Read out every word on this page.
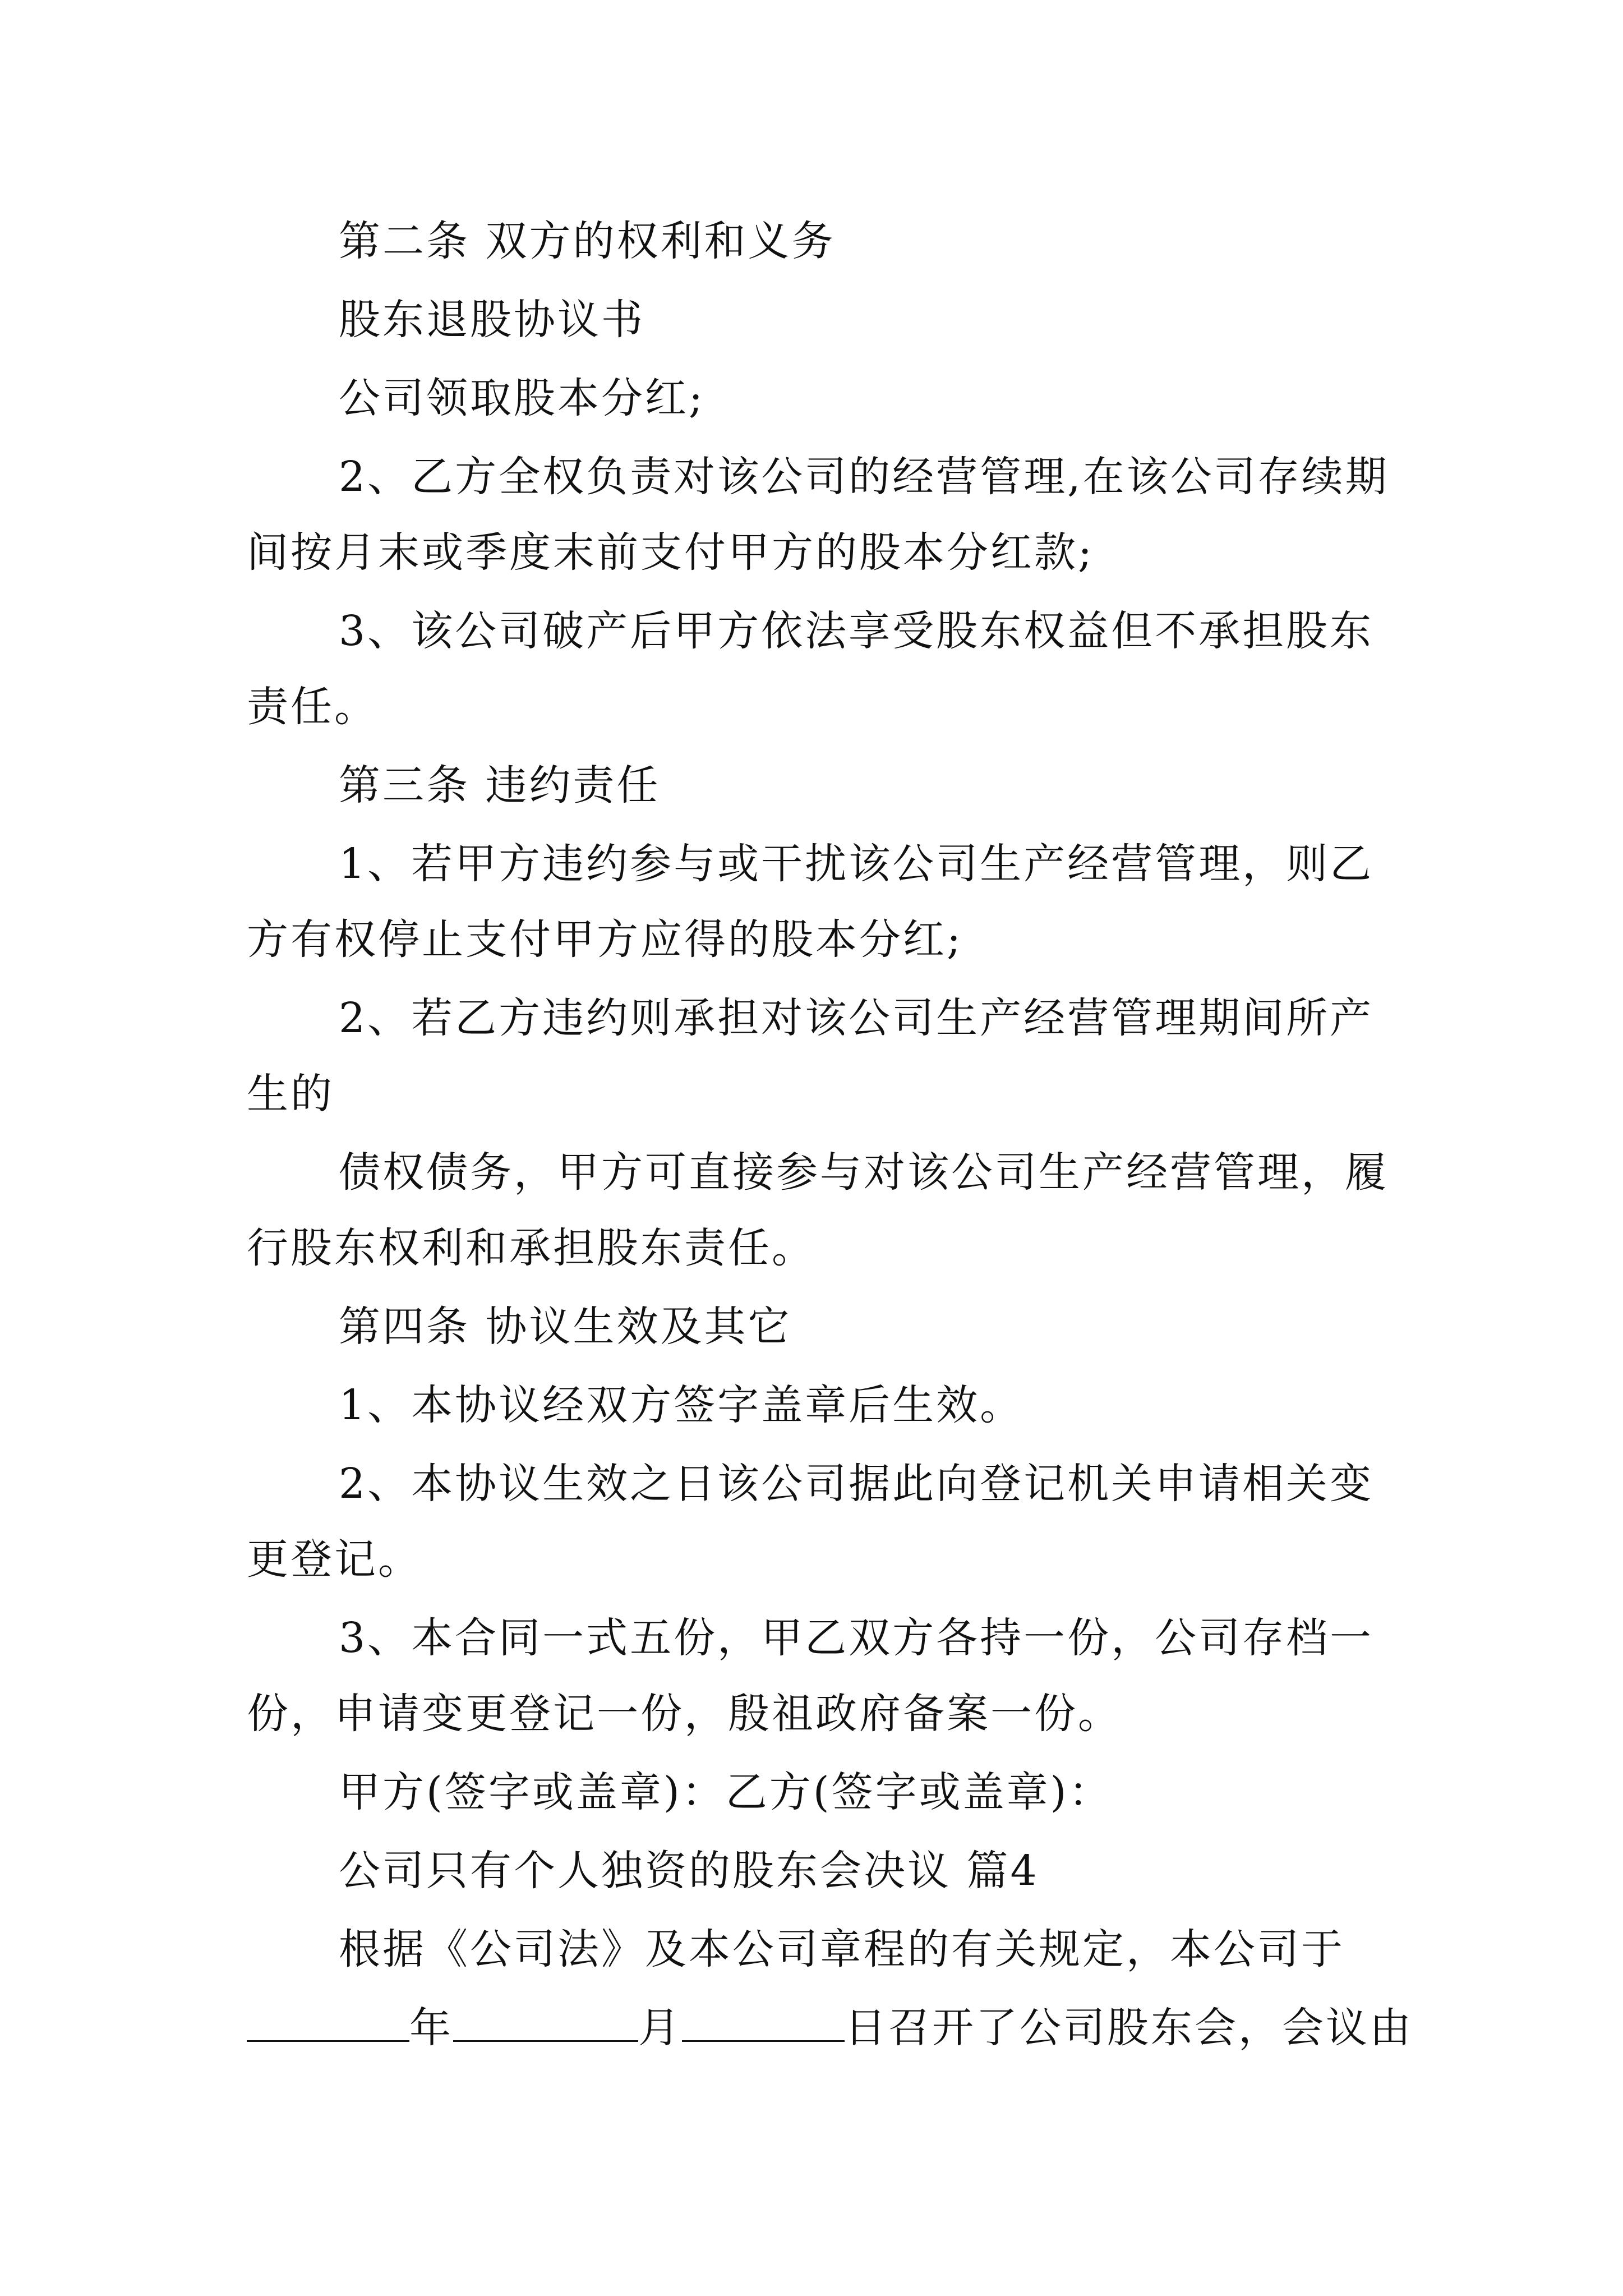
第二条 双方的权利和义务
股东退股协议书
公司领取股本分红;
2、乙方全权负责对该公司的经营管理,在该公司存续期
间按月末或季度末前支付甲方的股本分红款;
3、该公司破产后甲方依法享受股东权益但不承担股东
责任。
第三条 违约责任
1、若甲方违约参与或干扰该公司生产经营管理，则乙
方有权停止支付甲方应得的股本分红;
2、若乙方违约则承担对该公司生产经营管理期间所产
生的
债权债务，甲方可直接参与对该公司生产经营管理，履
行股东权利和承担股东责任。
第四条 协议生效及其它
1、本协议经双方签字盖章后生效。
2、本协议生效之日该公司据此向登记机关申请相关变
更登记。
3、本合同一式五份，甲乙双方各持一份，公司存档一
份，申请变更登记一份，殷祖政府备案一份。
甲方(签字或盖章)：乙方(签字或盖章)：
公司只有个人独资的股东会决议 篇4
根据《公司法》及本公司章程的有关规定，本公司于
年	月	日召开了公司股东会，会议由
